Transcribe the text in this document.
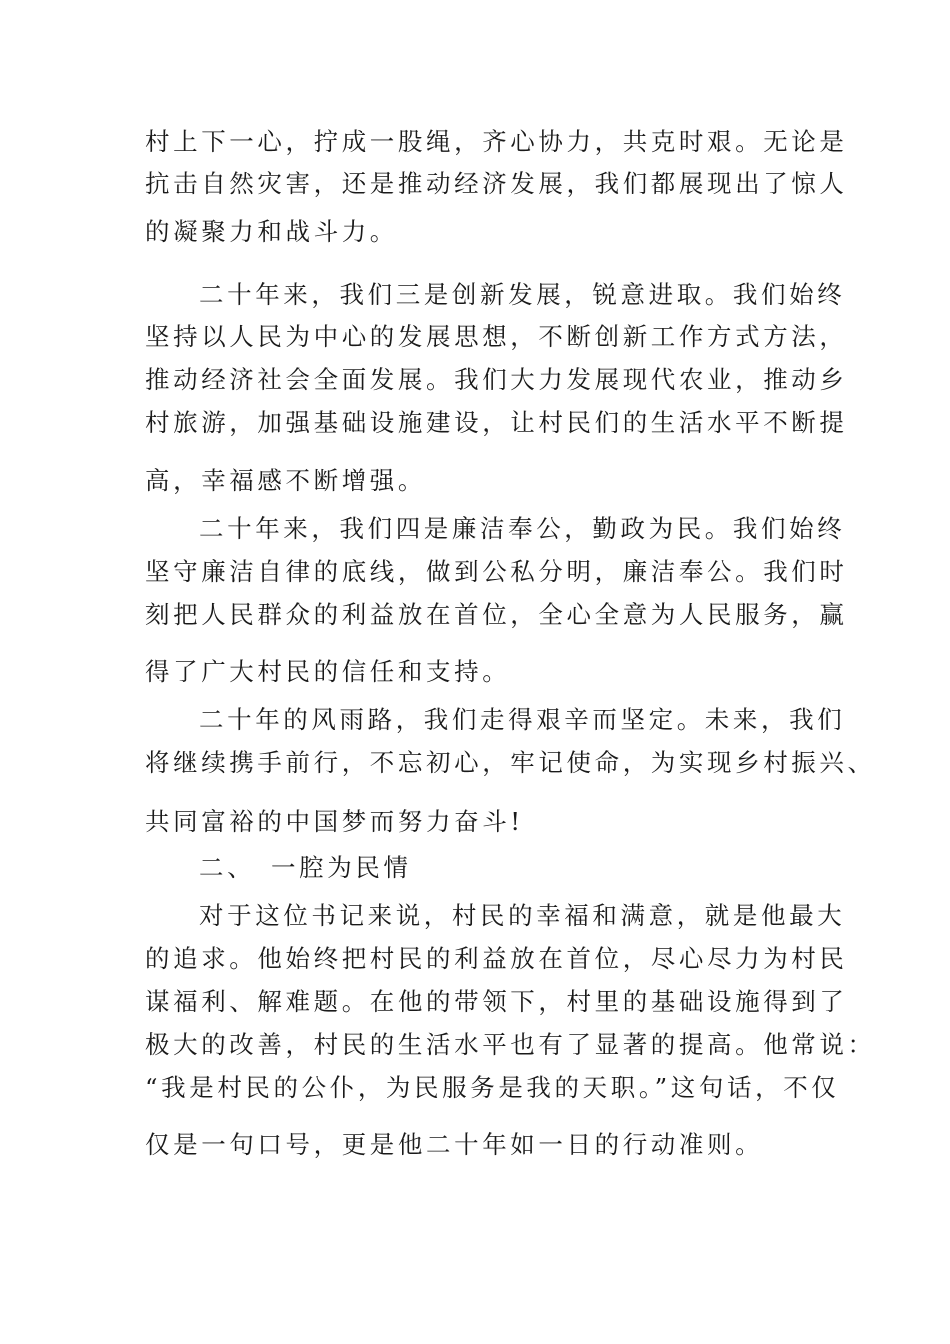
村上下一心，拧成一股绳，齐心协力，共克时艰。无论是
抗击自然灾害，还是推动经济发展，我们都展现出了惊人
的凝聚力和战斗力。
二十年来，我们三是创新发展，锐意进取。我们始终
坚持以人民为中心的发展思想，不断创新工作方式方法，
推动经济社会全面发展。我们大力发展现代农业，推动乡
村旅游，加强基础设施建设，让村民们的生活水平不断提
高，幸福感不断增强。
二十年来，我们四是廉洁奉公，勤政为民。我们始终
坚守廉洁自律的底线，做到公私分明，廉洁奉公。我们时
刻把人民群众的利益放在首位，全心全意为人民服务，赢
得了广大村民的信任和支持。
二十年的风雨路，我们走得艰辛而坚定。未来，我们
将继续携手前行，不忘初心，牢记使命，为实现乡村振兴、
共同富裕的中国梦而努力奋斗!
二、　一腔为民情
对于这位书记来说，村民的幸福和满意，就是他最大
的追求。他始终把村民的利益放在首位，尽心尽力为村民
谋福利、解难题。在他的带领下，村里的基础设施得到了
极大的改善，村民的生活水平也有了显著的提高。他常说：
“我是村民的公仆，为民服务是我的天职。”这句话，不仅
仅是一句口号，更是他二十年如一日的行动准则。
